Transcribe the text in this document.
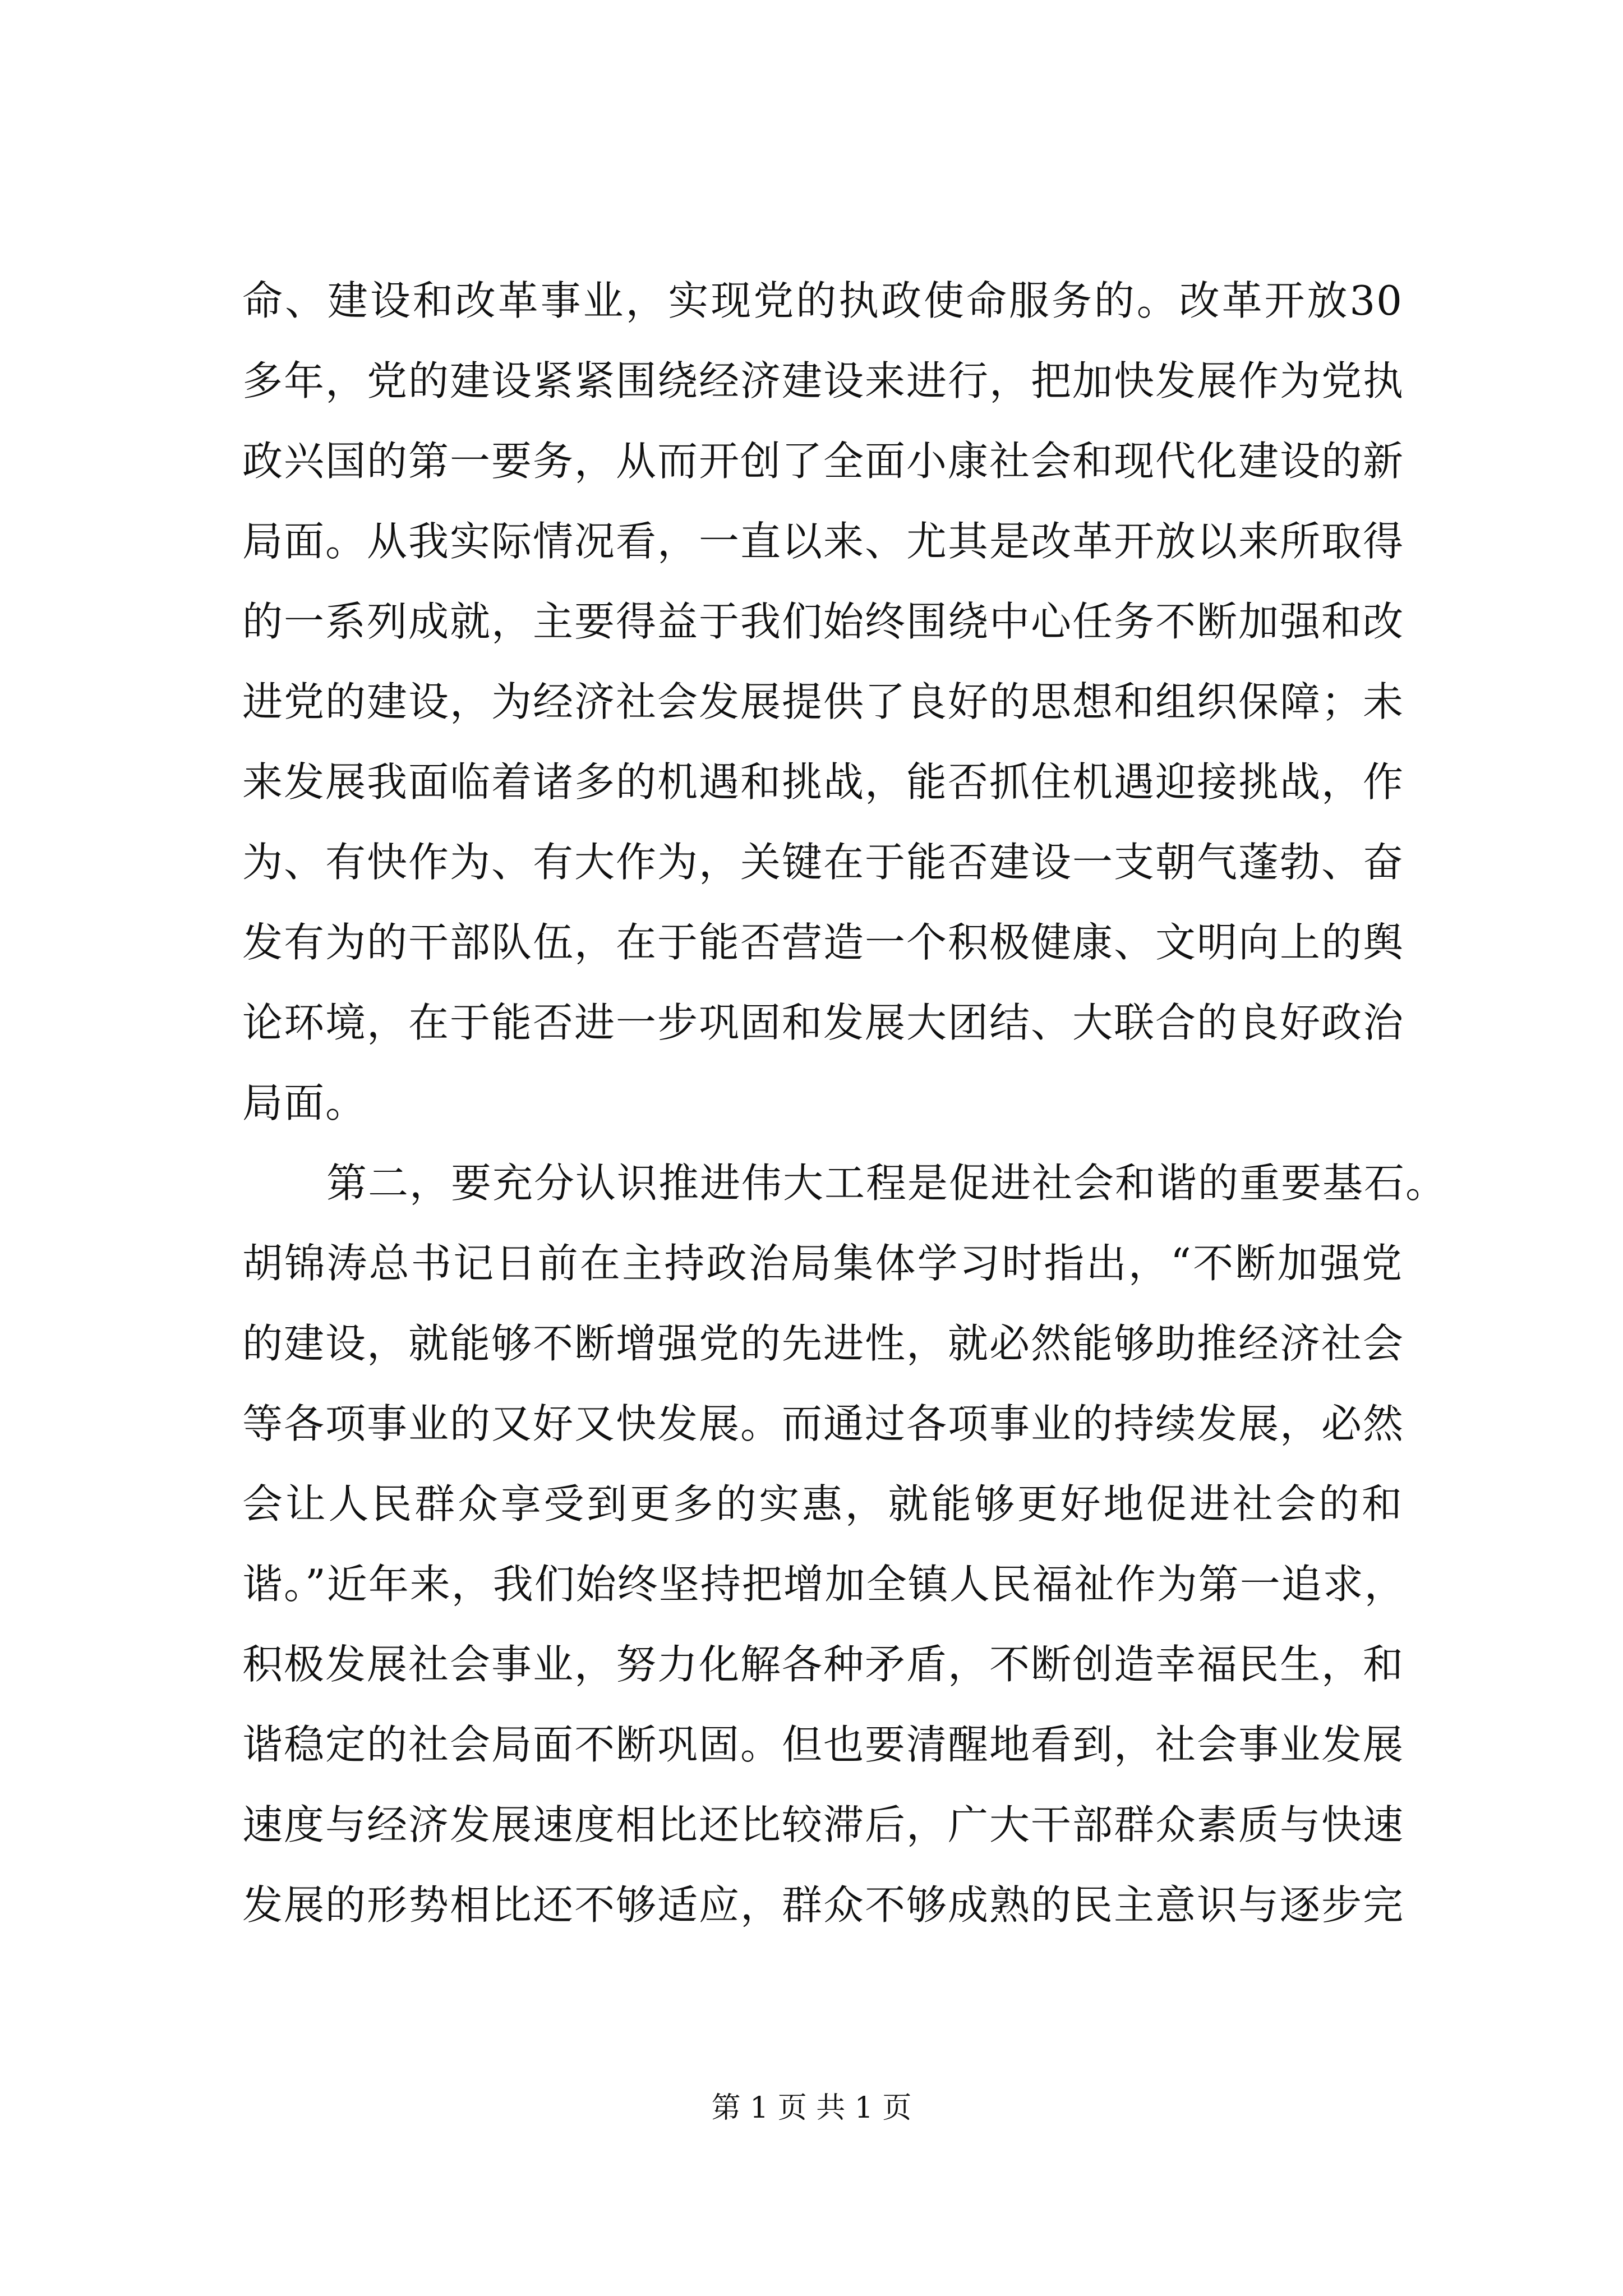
命、建设和改革事业，实现党的执政使命服务的。改革开放30
多年，党的建设紧紧围绕经济建设来进行，把加快发展作为党执
政兴国的第一要务，从而开创了全面小康社会和现代化建设的新
局面。从我实际情况看，一直以来、尤其是改革开放以来所取得
的一系列成就，主要得益于我们始终围绕中心任务不断加强和改
进党的建设，为经济社会发展提供了良好的思想和组织保障；未
来发展我面临着诸多的机遇和挑战，能否抓住机遇迎接挑战，作
为、有快作为、有大作为，关键在于能否建设一支朝气蓬勃、奋
发有为的干部队伍，在于能否营造一个积极健康、文明向上的舆
论环境，在于能否进一步巩固和发展大团结、大联合的良好政治
局面。
第二，要充分认识推进伟大工程是促进社会和谐的重要基石。
胡锦涛总书记日前在主持政治局集体学习时指出，“不断加强党
的建设，就能够不断增强党的先进性，就必然能够助推经济社会
等各项事业的又好又快发展。而通过各项事业的持续发展，必然
会让人民群众享受到更多的实惠，就能够更好地促进社会的和
谐。”近年来，我们始终坚持把增加全镇人民福祉作为第一追求，
积极发展社会事业，努力化解各种矛盾，不断创造幸福民生，和
谐稳定的社会局面不断巩固。但也要清醒地看到，社会事业发展
速度与经济发展速度相比还比较滞后，广大干部群众素质与快速
发展的形势相比还不够适应，群众不够成熟的民主意识与逐步完
第 1 页 共 1 页
